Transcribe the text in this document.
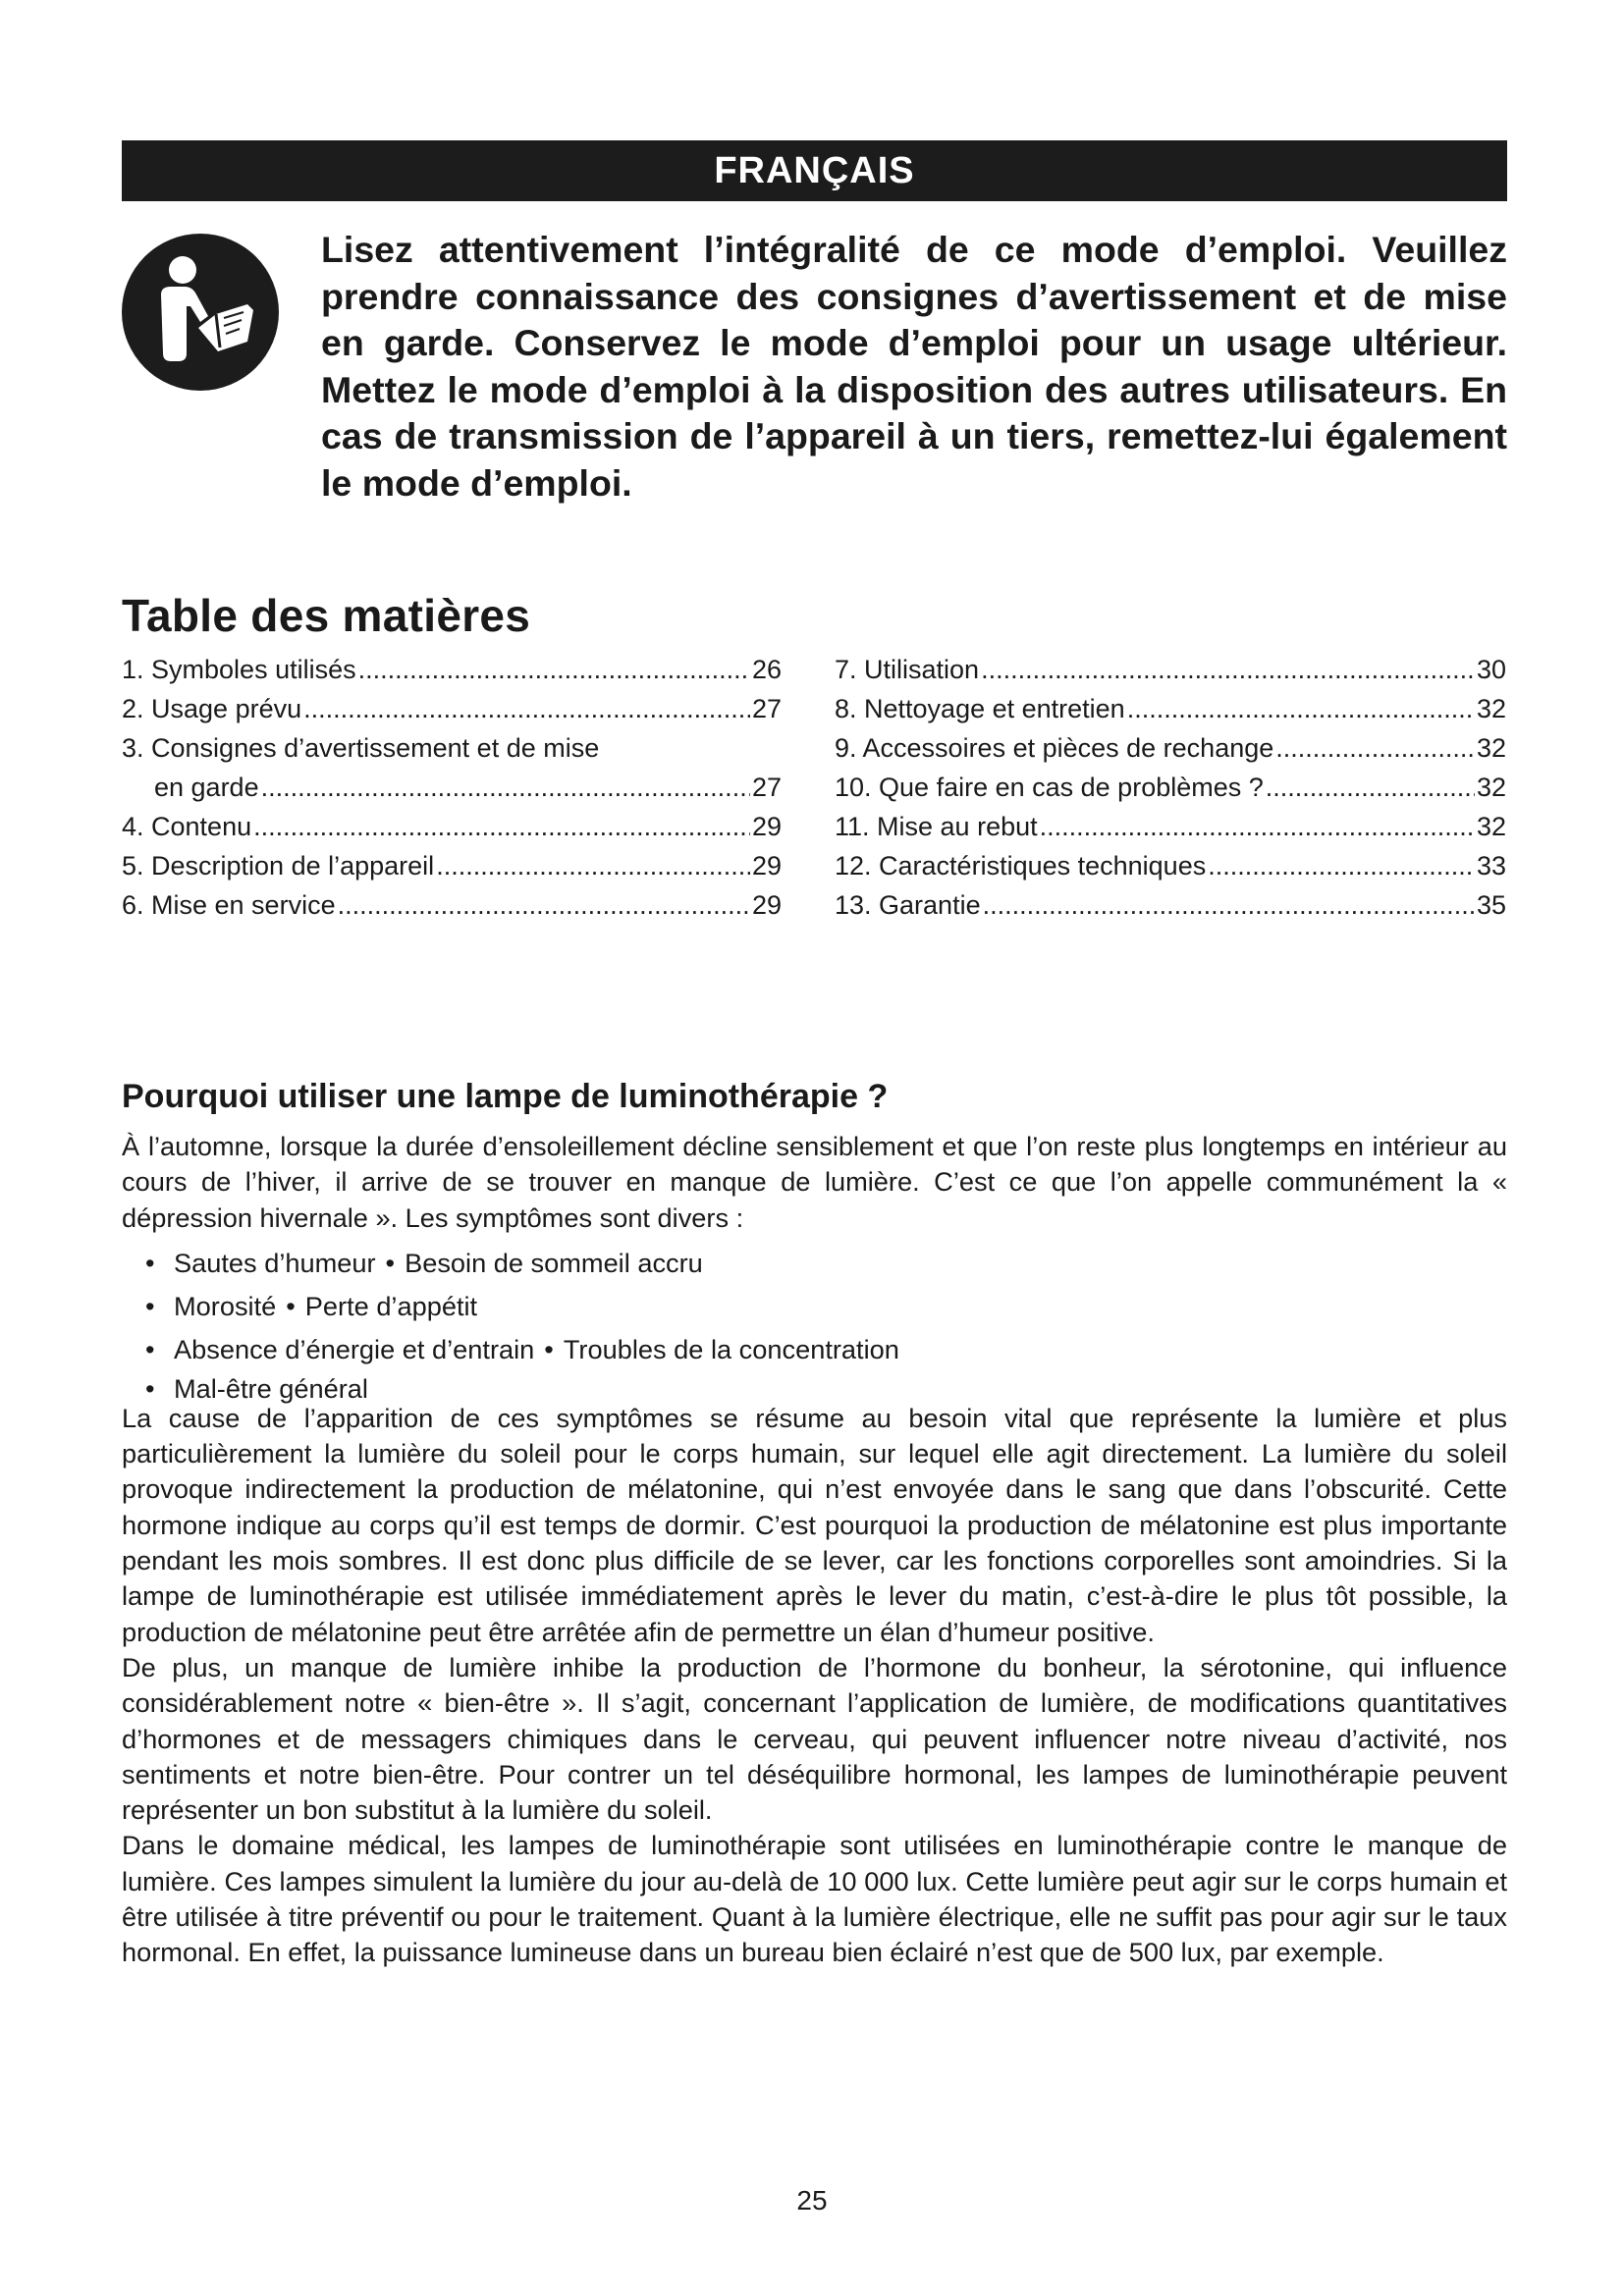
FRANÇAIS

Lisez attentivement l’intégralité de ce mode d’emploi. Veuillez prendre connaissance des consignes d’avertissement et de mise en garde. Conservez le mode d’emploi pour un usage ultérieur. Mettez le mode d’emploi à la disposition des autres utilisateurs. En cas de transmission de l’appareil à un tiers, remettez-lui également le mode d’emploi.

Table des matières
1. Symboles utilisés .....	26
2. Usage prévu .....	27
3. Consignes d’avertissement et de mise
en garde .....	27
4. Contenu .....	29
5. Description de l’appareil .....	29
6. Mise en service .....	29
7. Utilisation .....	30
8. Nettoyage et entretien .....	32
9. Accessoires et pièces de rechange .....	32
10. Que faire en cas de problèmes ? .....	32
11. Mise au rebut .....	32
12. Caractéristiques techniques .....	33
13. Garantie .....	35
Pourquoi utiliser une lampe de luminothérapie ?

À l’automne, lorsque la durée d’ensoleillement décline sensiblement et que l’on reste plus longtemps en intérieur au cours de l’hiver, il arrive de se trouver en manque de lumière. C’est ce que l’on appelle communément la « dépression hivernale ». Les symptômes sont divers :

• Sautes d’humeur • Besoin de sommeil accru
• Morosité • Perte d’appétit
• Absence d’énergie et d’entrain • Troubles de la concentration
• Mal-être général

La cause de l’apparition de ces symptômes se résume au besoin vital que représente la lumière et plus particulièrement la lumière du soleil pour le corps humain, sur lequel elle agit directement. La lumière du soleil provoque indirectement la production de mélatonine, qui n’est envoyée dans le sang que dans l’obscurité. Cette hormone indique au corps qu’il est temps de dormir. C’est pourquoi la production de mélatonine est plus importante pendant les mois sombres. Il est donc plus difficile de se lever, car les fonctions corporelles sont amoindries. Si la lampe de luminothérapie est utilisée immédiatement après le lever du matin, c’est-à-dire le plus tôt possible, la production de mélatonine peut être arrêtée afin de permettre un élan d’humeur positive.

De plus, un manque de lumière inhibe la production de l’hormone du bonheur, la sérotonine, qui influence considérablement notre « bien-être ». Il s’agit, concernant l’application de lumière, de modifications quantitatives d’hormones et de messagers chimiques dans le cerveau, qui peuvent influencer notre niveau d’activité, nos sentiments et notre bien-être. Pour contrer un tel déséquilibre hormonal, les lampes de luminothérapie peuvent représenter un bon substitut à la lumière du soleil.

Dans le domaine médical, les lampes de luminothérapie sont utilisées en luminothérapie contre le manque de lumière. Ces lampes simulent la lumière du jour au-delà de 10 000 lux. Cette lumière peut agir sur le corps humain et être utilisée à titre préventif ou pour le traitement. Quant à la lumière électrique, elle ne suffit pas pour agir sur le taux hormonal. En effet, la puissance lumineuse dans un bureau bien éclairé n’est que de 500 lux, par exemple.

25
